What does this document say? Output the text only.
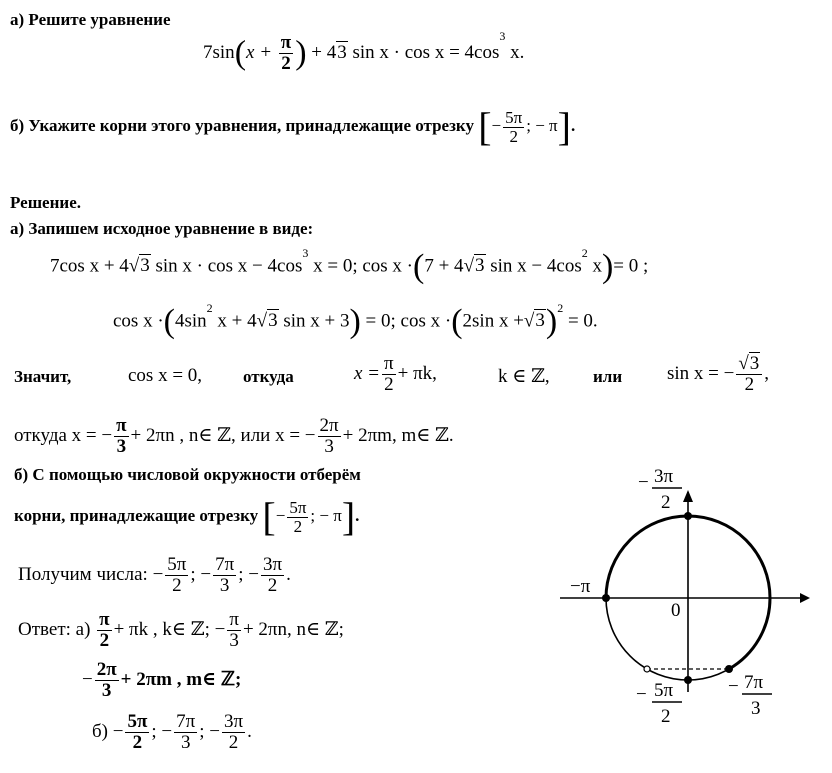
а) Решите уравнение
$7\sin(x + \frac{\pi}{2}$ ) + 43 $\sin x \cdot \cos x = 4\cos^3$ x.
б) Укажите корни этого уравнения, принадлежащие отрезку [− $\frac{5\pi}{2}$ ; − π].
Решение.
а) Запишем исходное уравнение в виде:
7cos x + 4√3 $\sin x \cdot \cos x - 4\cos^3$ x = 0; cos x ·(7 + 4√3 $\sin x - 4\cos^2$ x)= 0 ;
$\cos x \cdot(4\sin^2$ x + 4√3 sin x + 3) = 0; cos x ·(2sin x +√3)$^2$ = 0.
Значит,	cos x = 0, откуда	$x = \frac{\pi}{2} + \pi k$,	k ∈ ℤ,	или sin x = − $\frac{√3}{2}$ ,
откуда x = − $\frac{\pi}{3} + 2\pi n$ , n∈ ℤ, или x = − $\frac{2\pi}{3} + 2\pi m$, m∈ ℤ.
б) С помощью числовой окружности отберём
корни, принадлежащие отрезку [− $\frac{5\pi}{2}$ ; − π].
Получим числа: − $\frac{5\pi}{2}$ ; − $\frac{7\pi}{3}$ ; − $\frac{3\pi}{2}$ .
Ответ: $а) \frac{\pi}{2} + \pi k$ , k∈ ℤ; − $\frac{\pi}{3} + 2\pi n$, n∈ ℤ;
− $\frac{2\pi}{3} + 2\pi m$ , m∈ ℤ;
$б) - \frac{5\pi}{2}$ ; − $\frac{7\pi}{3}$ ; − $\frac{3\pi}{2}$ .
− 3π
2
−π
0
− 5π
2
− 7π
3
